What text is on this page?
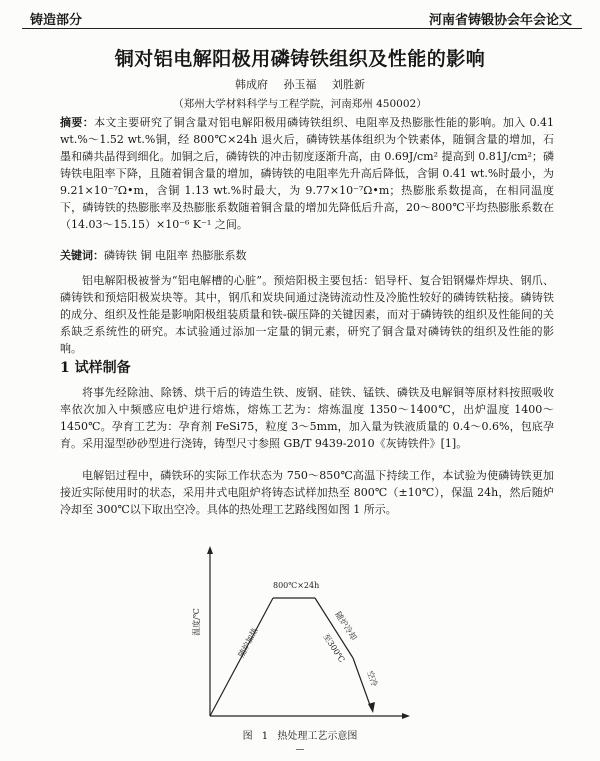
铸造部分	河南省铸锻协会年会论文
铜对铝电解阳极用磷铸铁组织及性能的影响
韩成府 孙玉福 刘胜新
（郑州大学材料科学与工程学院，河南郑州 450002）

摘要：本文主要研究了铜含量对铝电解阳极用磷铸铁组织、电阻率及热膨胀性能的影响。加入 0.41 wt.%～1.52 wt.%铜，经 800℃×24h 退火后，磷铸铁基体组织为个铁素体，随铜含量的增加，石墨和磷共晶得到细化。加铜之后，磷铸铁的冲击韧度逐渐升高，由 0.69J/cm² 提高到 0.81J/cm²；磷铸铁电阻率下降，且随着铜含量的增加，磷铸铁的电阻率先升高后降低，含铜 0.41 wt.%时最小，为 9.21×10⁻⁷Ω•m，含铜 1.13 wt.%时最大，为 9.77×10⁻⁷Ω•m；热膨胀系数提高，在相同温度下，磷铸铁的热膨胀率及热膨胀系数随着铜含量的增加先降低后升高，20～800℃平均热膨胀系数在（14.03～15.15）×10⁻⁶ K⁻¹ 之间。

关键词：磷铸铁 铜 电阻率 热膨胀系数

铝电解阳极被誉为“铝电解槽的心脏”。预焙阳极主要包括：铝导杆、复合铝钢爆炸焊块、钢爪、磷铸铁和预焙阳极炭块等。其中，钢爪和炭块间通过浇铸流动性及冷脆性较好的磷铸铁粘接。磷铸铁的成分、组织及性能是影响阳极组装质量和铁-碳压降的关键因素，而对于磷铸铁的组织及性能间的关系缺乏系统性的研究。本试验通过添加一定量的铜元素，研究了铜含量对磷铸铁的组织及性能的影响。

1 试样制备

将事先经除油、除锈、烘干后的铸造生铁、废钢、硅铁、锰铁、磷铁及电解铜等原材料按照吸收率依次加入中频感应电炉进行熔炼，熔炼工艺为：熔炼温度 1350～1400℃，出炉温度 1400～1450℃。孕育工艺为：孕育剂 FeSi75，粒度 3～5mm，加入量为铁液质量的 0.4～0.6%，包底孕育。采用湿型砂砂型进行浇铸，铸型尺寸参照 GB/T 9439-2010《灰铸铁件》[1]。

电解铝过程中，磷铁环的实际工作状态为 750～850℃高温下持续工作，本试验为使磷铸铁更加接近实际使用时的状态，采用井式电阻炉将铸态试样加热至 800℃（±10℃），保温 24h，然后随炉冷却至 300℃以下取出空冷。具体的热处理工艺路线图如图 1 所示。

温度/℃
800℃×24h
随炉加热
随炉冷却
至300℃
空冷
图 1 热处理工艺示意图
—
